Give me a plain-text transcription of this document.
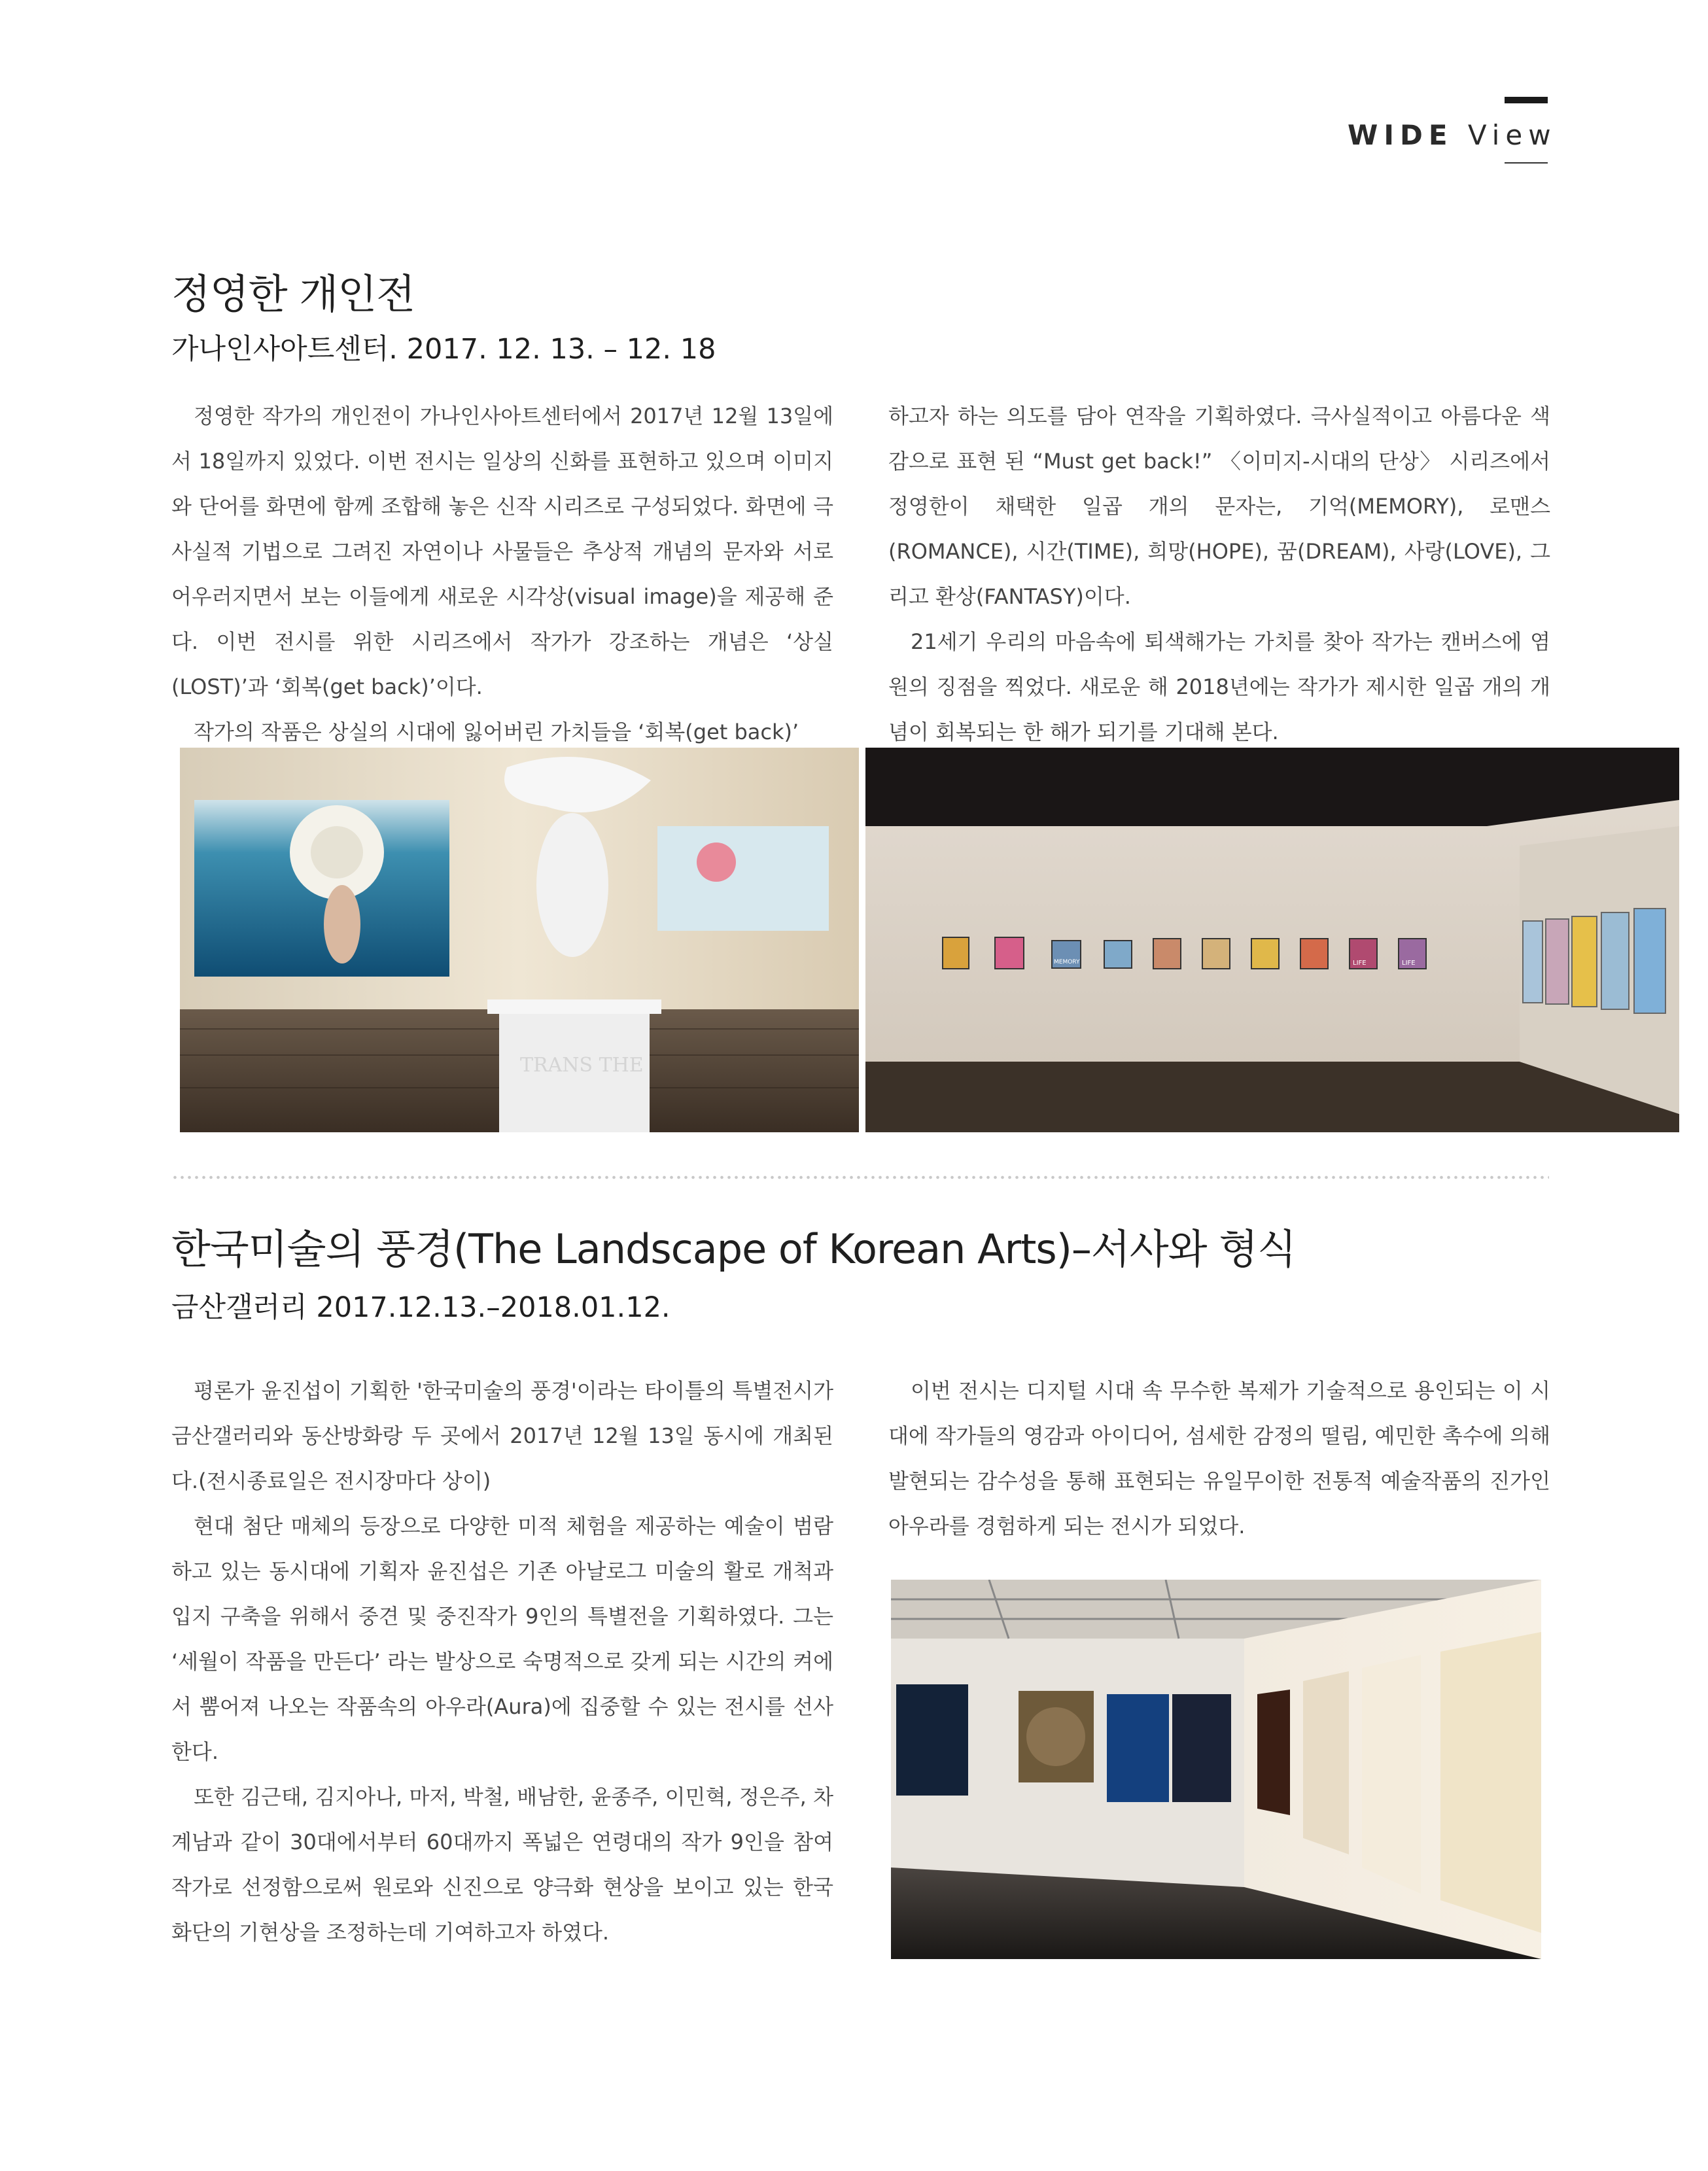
WIDE View
정영한 개인전
가나인사아트센터. 2017. 12. 13. – 12. 18

정영한 작가의 개인전이 가나인사아트센터에서 2017년 12월 13일에서 18일까지 있었다. 이번 전시는 일상의 신화를 표현하고 있으며 이미지와 단어를 화면에 함께 조합해 놓은 신작 시리즈로 구성되었다. 화면에 극사실적 기법으로 그려진 자연이나 사물들은 추상적 개념의 문자와 서로 어우러지면서 보는 이들에게 새로운 시각상(visual image)을 제공해 준다. 이번 전시를 위한 시리즈에서 작가가 강조하는 개념은 ‘상실(LOST)’과 ‘회복(get back)’이다.

작가의 작품은 상실의 시대에 잃어버린 가치들을 ‘회복(get back)’

하고자 하는 의도를 담아 연작을 기획하였다. 극사실적이고 아름다운 색감으로 표현 된 “Must get back!” 〈이미지-시대의 단상〉 시리즈에서 정영한이 채택한 일곱 개의 문자는, 기억(MEMORY), 로맨스(ROMANCE), 시간(TIME), 희망(HOPE), 꿈(DREAM), 사랑(LOVE), 그리고 환상(FANTASY)이다.

21세기 우리의 마음속에 퇴색해가는 가치를 찾아 작가는 캔버스에 염원의 징점을 찍었다. 새로운 해 2018년에는 작가가 제시한 일곱 개의 개념이 회복되는 한 해가 되기를 기대해 본다.

TRANS THE
MEMORY	LIFE	LIFE
한국미술의 풍경(The Landscape of Korean Arts)–서사와 형식
금산갤러리 2017.12.13.–2018.01.12.

평론가 윤진섭이 기획한 '한국미술의 풍경'이라는 타이틀의 특별전시가 금산갤러리와 동산방화랑 두 곳에서 2017년 12월 13일 동시에 개최된다.(전시종료일은 전시장마다 상이)

현대 첨단 매체의 등장으로 다양한 미적 체험을 제공하는 예술이 범람하고 있는 동시대에 기획자 윤진섭은 기존 아날로그 미술의 활로 개척과 입지 구축을 위해서 중견 및 중진작가 9인의 특별전을 기획하였다. 그는 ‘세월이 작품을 만든다’ 라는 발상으로 숙명적으로 갖게 되는 시간의 켜에서 뿜어져 나오는 작품속의 아우라(Aura)에 집중할 수 있는 전시를 선사한다.

또한 김근태, 김지아나, 마저, 박철, 배남한, 윤종주, 이민혁, 정은주, 차계남과 같이 30대에서부터 60대까지 폭넓은 연령대의 작가 9인을 참여작가로 선정함으로써 원로와 신진으로 양극화 현상을 보이고 있는 한국 화단의 기현상을 조정하는데 기여하고자 하였다.

이번 전시는 디지털 시대 속 무수한 복제가 기술적으로 용인되는 이 시대에 작가들의 영감과 아이디어, 섬세한 감정의 떨림, 예민한 촉수에 의해 발현되는 감수성을 통해 표현되는 유일무이한 전통적 예술작품의 진가인 아우라를 경험하게 되는 전시가 되었다.
